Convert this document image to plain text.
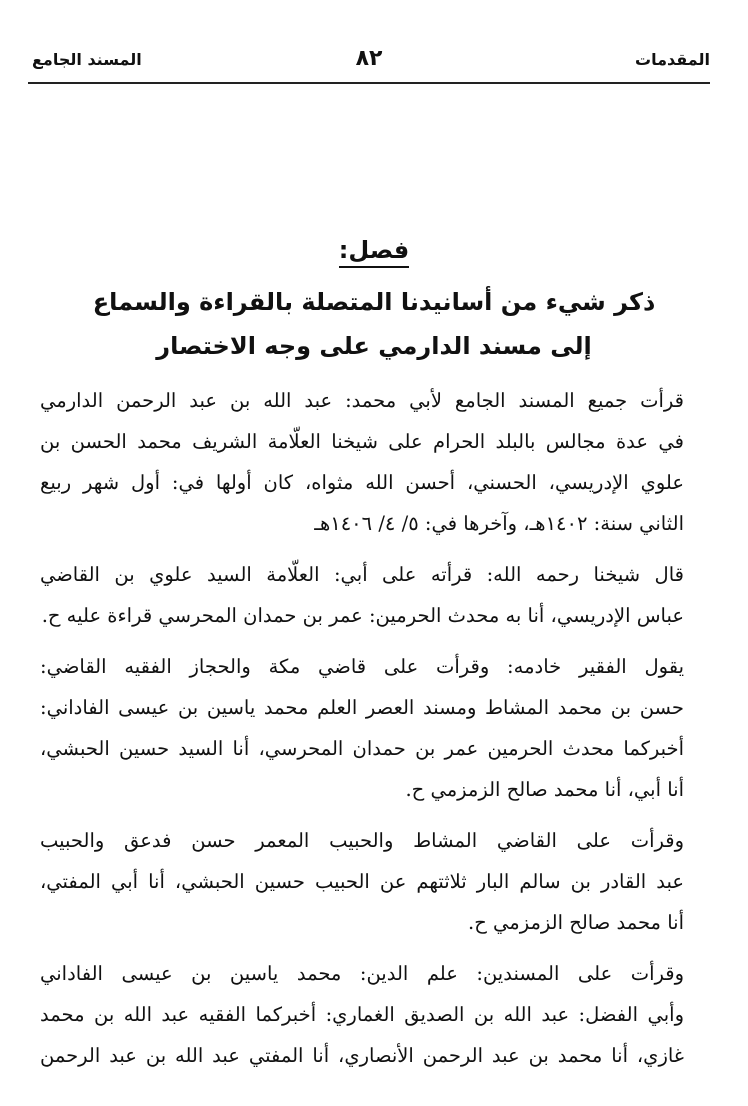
المقدمات
٨٢
المسند الجامع
فصل:
ذكر شيء من أسانيدنا المتصلة بالقراءة والسماع
إلى مسند الدارمي على وجه الاختصار

قرأت جميع المسند الجامع لأبي محمد: عبد الله بن عبد الرحمن الدارمي
في عدة مجالس بالبلد الحرام على شيخنا العلّامة الشريف محمد الحسن بن
علوي الإدريسي، الحسني، أحسن الله مثواه، كان أولها في: أول شهر ربيع
الثاني سنة: ١٤٠٢هـ، وآخرها في: ٥/ ٤/ ١٤٠٦هـ

قال شيخنا رحمه الله: قرأته على أبي: العلّامة السيد علوي بن القاضي
عباس الإدريسي، أنا به محدث الحرمين: عمر بن حمدان المحرسي قراءة عليه ح.

يقول الفقير خادمه: وقرأت على قاضي مكة والحجاز الفقيه القاضي:
حسن بن محمد المشاط ومسند العصر العلم محمد ياسين بن عيسى الفاداني:
أخبركما محدث الحرمين عمر بن حمدان المحرسي، أنا السيد حسين الحبشي،
أنا أبي، أنا محمد صالح الزمزمي ح.

وقرأت على القاضي المشاط والحبيب المعمر حسن فدعق والحبيب
عبد القادر بن سالم البار ثلاثتهم عن الحبيب حسين الحبشي، أنا أبي المفتي،
أنا محمد صالح الزمزمي ح.

وقرأت على المسندين: علم الدين: محمد ياسين بن عيسى الفاداني
وأبي الفضل: عبد الله بن الصديق الغماري: أخبركما الفقيه عبد الله بن محمد
غازي، أنا محمد بن عبد الرحمن الأنصاري، أنا المفتي عبد الله بن عبد الرحمن
